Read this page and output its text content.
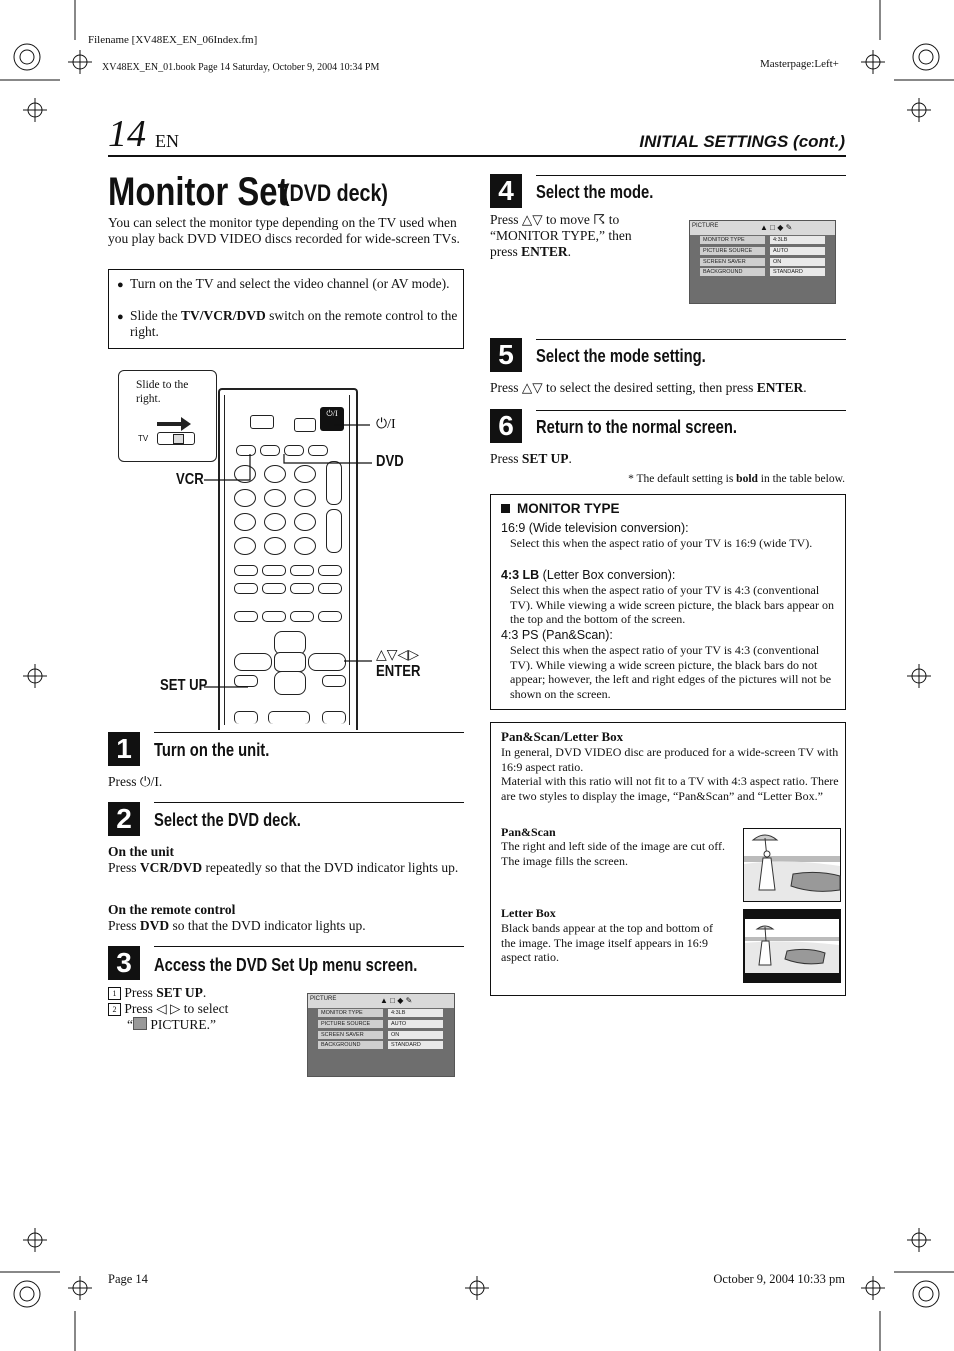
Filename [XV48EX_EN_06Index.fm]
XV48EX_EN_01.book Page 14 Saturday, October 9, 2004 10:34 PM	Masterpage:Left+
14 EN	INITIAL SETTINGS (cont.)
Monitor Set
(DVD deck)
You can select the monitor type depending on the TV used when you play back DVD VIDEO discs recorded for wide-screen TVs.
● Turn on the TV and select the video channel (or AV mode).
● Slide the TV/VCR/DVD switch on the remote control to the right.
Slide to the right.
TV
⏻/I
⏻/I
DVD
VCR
△▽◁▷
ENTER
SET UP
1	Turn on the unit.
Press ⏻/I.
2	Select the DVD deck.
On the unit
Press VCR/DVD repeatedly so that the DVD indicator lights up.
On the remote control
Press DVD so that the DVD indicator lights up.
3	Access the DVD Set Up menu screen.
1 Press SET UP.
2 Press ◁ ▷ to select
“ PICTURE.”
PICTURE	▲ □ ◆ ✎
MONITOR TYPE	4:3LB
PICTURE SOURCE	AUTO
SCREEN SAVER	ON
BACKGROUND	STANDARD
4	Select the mode.
Press △▽ to move ☈ to
“MONITOR TYPE,” then
press ENTER.
PICTURE	▲ □ ◆ ✎
MONITOR TYPE	4:3LB
PICTURE SOURCE	AUTO
SCREEN SAVER	ON
BACKGROUND	STANDARD
5	Select the mode setting.
Press △▽ to select the desired setting, then press ENTER.
6	Return to the normal screen.
Press SET UP.
* The default setting is bold in the table below.
MONITOR TYPE
16:9 (Wide television conversion):
Select this when the aspect ratio of your TV is 16:9 (wide TV).
4:3 LB (Letter Box conversion):
Select this when the aspect ratio of your TV is 4:3 (conventional TV). While viewing a wide screen picture, the black bars appear on the top and the bottom of the screen.
4:3 PS (Pan&Scan):
Select this when the aspect ratio of your TV is 4:3 (conventional TV). While viewing a wide screen picture, the black bars do not appear; however, the left and right edges of the pictures will not be shown on the screen.
Pan&Scan/Letter Box
In general, DVD VIDEO disc are produced for a wide-screen TV with 16:9 aspect ratio.
Material with this ratio will not fit to a TV with 4:3 aspect ratio. There are two styles to display the image, “Pan&Scan” and “Letter Box.”
Pan&Scan
The right and left side of the image are cut off. The image fills the screen.
Letter Box
Black bands appear at the top and bottom of the image. The image itself appears in 16:9 aspect ratio.
Page 14	October 9, 2004 10:33 pm
